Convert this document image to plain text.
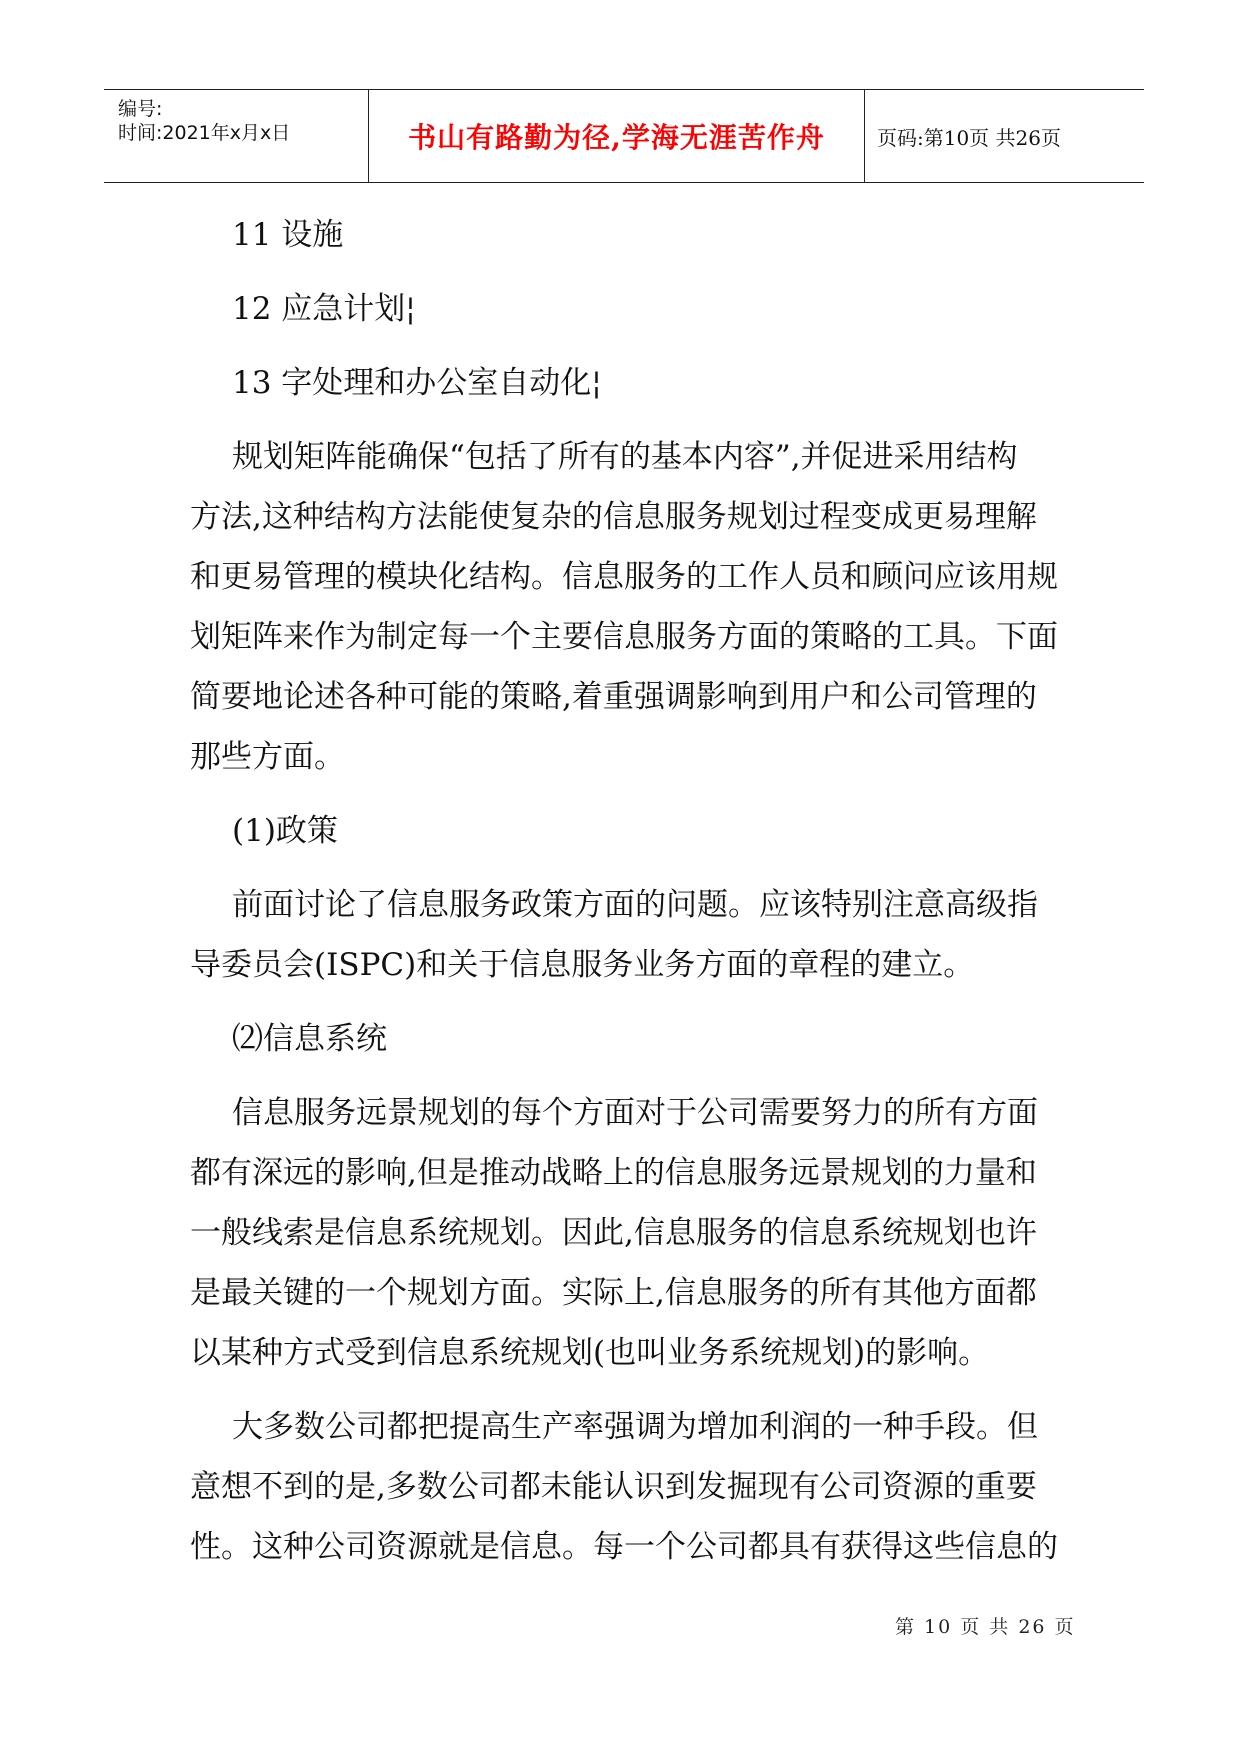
编号:
时间:2021年x月x日	书山有路勤为径,学海无涯苦作舟	页码:第10页 共26页
11 设施
12 应急计划¦
13 字处理和办公室自动化¦
规划矩阵能确保“包括了所有的基本内容”,并促进采用结构
方法,这种结构方法能使复杂的信息服务规划过程变成更易理解
和更易管理的模块化结构。信息服务的工作人员和顾问应该用规
划矩阵来作为制定每一个主要信息服务方面的策略的工具。下面
简要地论述各种可能的策略,着重强调影响到用户和公司管理的
那些方面。
(1)政策
前面讨论了信息服务政策方面的问题。应该特别注意高级指
导委员会(ISPC)和关于信息服务业务方面的章程的建立。
⑵信息系统
信息服务远景规划的每个方面对于公司需要努力的所有方面
都有深远的影响,但是推动战略上的信息服务远景规划的力量和
一般线索是信息系统规划。因此,信息服务的信息系统规划也许
是最关键的一个规划方面。实际上,信息服务的所有其他方面都
以某种方式受到信息系统规划(也叫业务系统规划)的影响。
大多数公司都把提高生产率强调为增加利润的一种手段。但
意想不到的是,多数公司都未能认识到发掘现有公司资源的重要
性。这种公司资源就是信息。每一个公司都具有获得这些信息的
第 10 页 共 26 页
